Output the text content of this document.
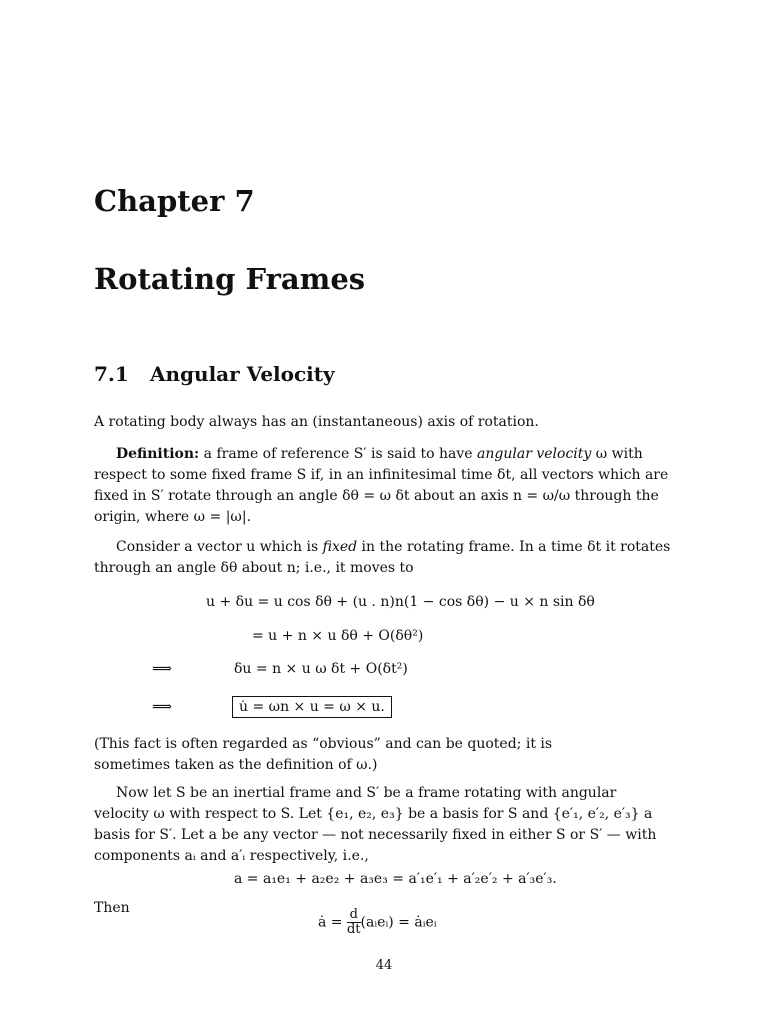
Chapter 7
Rotating Frames
7.1 Angular Velocity

A rotating body always has an (instantaneous) axis of rotation.

Definition: a frame of reference S′ is said to have angular velocity ω with respect to some fixed frame S if, in an infinitesimal time δt, all vectors which are fixed in S′ rotate through an angle δθ = ω δt about an axis n = ω/ω through the origin, where ω = |ω|.

Consider a vector u which is fixed in the rotating frame. In a time δt it rotates through an angle δθ about n; i.e., it moves to

u + δu = u cos δθ + (u . n)n(1 − cos δθ) − u × n sin δθ
= u + n × u δθ + O(δθ²)
⟹	δu = n × u ω δt + O(δt²)
⟹	u̇ = ωn × u = ω × u.

(This fact is often regarded as “obvious” and can be quoted; it is sometimes taken as the definition of ω.)

Now let S be an inertial frame and S′ be a frame rotating with angular velocity ω with respect to S. Let {e₁, e₂, e₃} be a basis for S and {e′₁, e′₂, e′₃} a basis for S′. Let a be any vector — not necessarily fixed in either S or S′ — with components aᵢ and a′ᵢ respectively, i.e.,

a = a₁e₁ + a₂e₂ + a₃e₃ = a′₁e′₁ + a′₂e′₂ + a′₃e′₃.

Then

ȧ = $\frac{d}{dt}$ (aᵢeᵢ) = ȧᵢeᵢ
44
